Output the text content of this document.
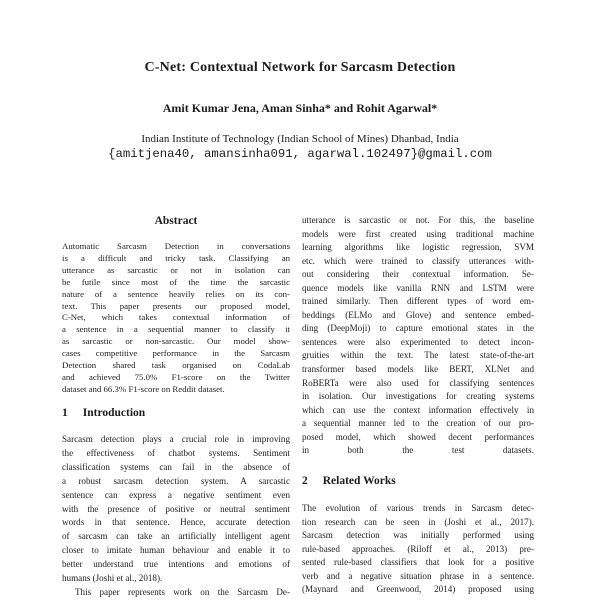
C-Net: Contextual Network for Sarcasm Detection
Amit Kumar Jena, Aman Sinha* and Rohit Agarwal*
Indian Institute of Technology (Indian School of Mines) Dhanbad, India
{amitjena40, amansinha091, agarwal.102497}@gmail.com
Abstract
Automatic Sarcasm Detection in conversations
is a difficult and tricky task. Classifying an
utterance as sarcastic or not in isolation can
be futile since most of the time the sarcastic
nature of a sentence heavily relies on its con-
text. This paper presents our proposed model,
C-Net, which takes contextual information of
a sentence in a sequential manner to classify it
as sarcastic or non-sarcastic. Our model show-
cases competitive performance in the Sarcasm
Detection shared task organised on CodaLab
and achieved 75.0% F1-score on the Twitter
dataset and 66.3% F1-score on Reddit dataset.
1 Introduction
Sarcasm detection plays a crucial role in improving
the effectiveness of chatbot systems. Sentiment
classification systems can fail in the absence of
a robust sarcasm detection system. A sarcastic
sentence can express a negative sentiment even
with the presence of positive or neutral sentiment
words in that sentence. Hence, accurate detection
of sarcasm can take an artificially intelligent agent
closer to imitate human behaviour and enable it to
better understand true intentions and emotions of
humans (Joshi et al., 2018).
This paper represents work on the Sarcasm De-
utterance is sarcastic or not. For this, the baseline
models were first created using traditional machine
learning algorithms like logistic regression, SVM
etc. which were trained to classify utterances with-
out considering their contextual information. Se-
quence models like vanilla RNN and LSTM were
trained similarly. Then different types of word em-
beddings (ELMo and Glove) and sentence embed-
ding (DeepMoji) to capture emotional states in the
sentences were also experimented to detect incon-
gruities within the text. The latest state-of-the-art
transformer based models like BERT, XLNet and
RoBERTa were also used for classifying sentences
in isolation. Our investigations for creating systems
which can use the context information effectively in
a sequential manner led to the creation of our pro-
posed model, which showed decent performances
in both the test datasets.
2 Related Works
The evolution of various trends in Sarcasm detec-
tion research can be seen in (Joshi et al., 2017).
Sarcasm detection was initially performed using
rule-based approaches. (Riloff et al., 2013) pre-
sented rule-based classifiers that look for a positive
verb and a negative situation phrase in a sentence.
(Maynard and Greenwood, 2014) proposed using
